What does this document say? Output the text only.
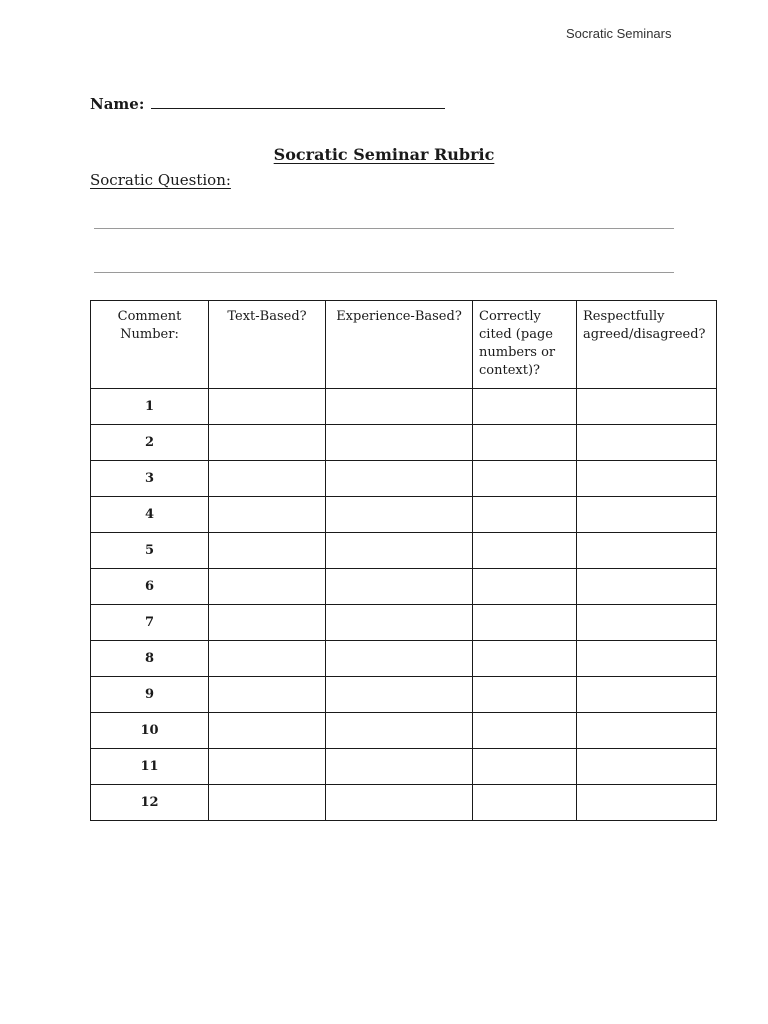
Socratic Seminars
Name:
Socratic Seminar Rubric
Socratic Question:
Comment Number:	Text-Based?	Experience-Based?	Correctly cited (page numbers or context)?	Respectfully agreed/disagreed?
1				
2				
3				
4				
5				
6				
7				
8				
9				
10				
11				
12				
